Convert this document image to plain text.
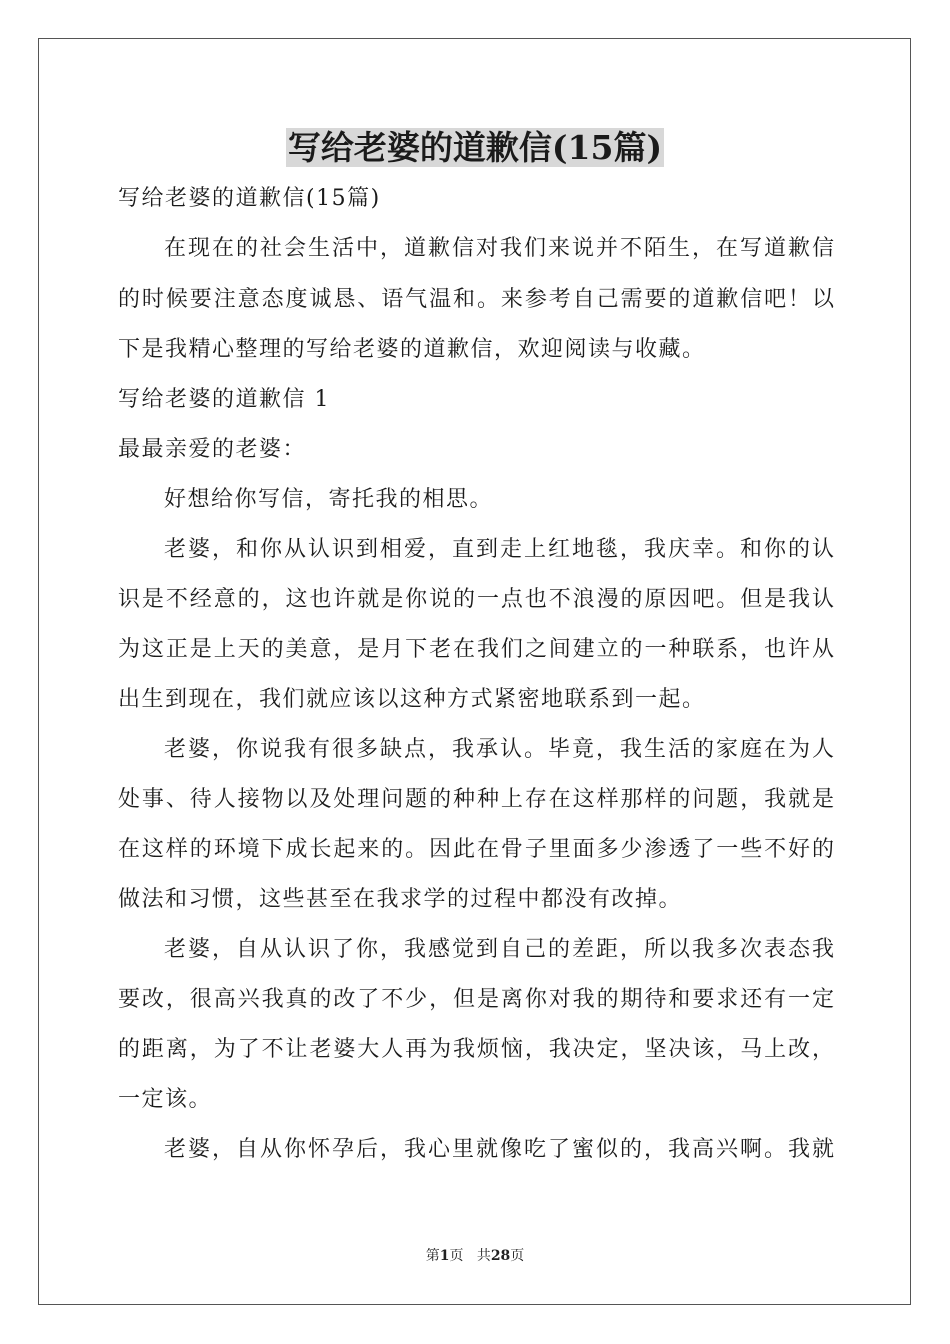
写给老婆的道歉信(15篇)
写给老婆的道歉信(15篇)
在现在的社会生活中，道歉信对我们来说并不陌生，在写道歉信
的时候要注意态度诚恳、语气温和。来参考自己需要的道歉信吧！以
下是我精心整理的写给老婆的道歉信，欢迎阅读与收藏。
写给老婆的道歉信 1
最最亲爱的老婆：
好想给你写信，寄托我的相思。
老婆，和你从认识到相爱，直到走上红地毯，我庆幸。和你的认
识是不经意的，这也许就是你说的一点也不浪漫的原因吧。但是我认
为这正是上天的美意，是月下老在我们之间建立的一种联系，也许从
出生到现在，我们就应该以这种方式紧密地联系到一起。
老婆，你说我有很多缺点，我承认。毕竟，我生活的家庭在为人
处事、待人接物以及处理问题的种种上存在这样那样的问题，我就是
在这样的环境下成长起来的。因此在骨子里面多少渗透了一些不好的
做法和习惯，这些甚至在我求学的过程中都没有改掉。
老婆，自从认识了你，我感觉到自己的差距，所以我多次表态我
要改，很高兴我真的改了不少，但是离你对我的期待和要求还有一定
的距离，为了不让老婆大人再为我烦恼，我决定，坚决该，马上改，
一定该。
老婆，自从你怀孕后，我心里就像吃了蜜似的，我高兴啊。我就
第1页 共28页
